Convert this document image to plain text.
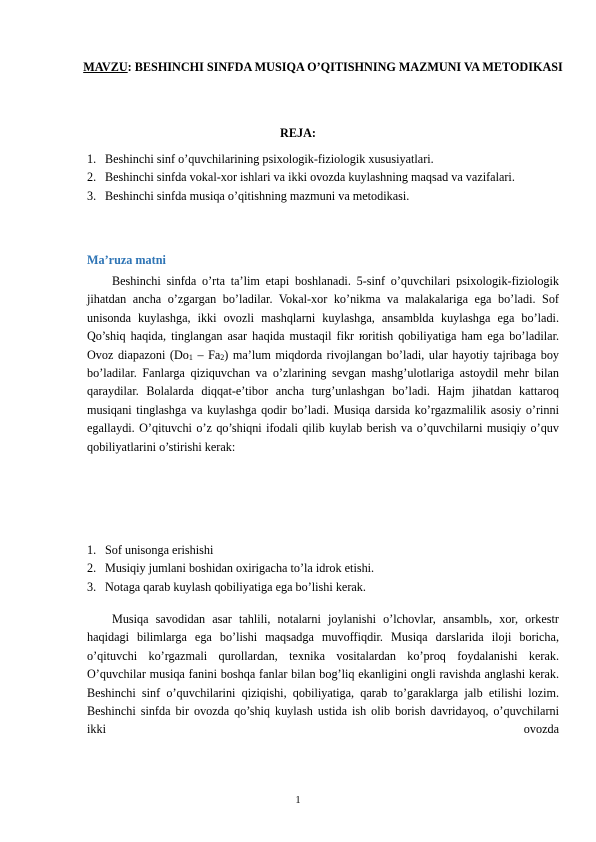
MAVZU: BESHINCHI SINFDA MUSIQA O’QITISHNING MAZMUNI VA METODIKASI
REJA:
1. Beshinchi sinf o’quvchilarining psixologik-fiziologik xususiyatlari.
2. Beshinchi sinfda vokal-xor ishlari va ikki ovozda kuylashning maqsad va vazifalari.
3. Beshinchi sinfda musiqa o’qitishning mazmuni va metodikasi.
Ma’ruza matni
Beshinchi sinfda o’rta ta’lim etapi boshlanadi. 5-sinf o’quvchilari psixologik-fiziologik jihatdan ancha o’zgargan bo’ladilar. Vokal-xor ko’nikma va malakalariga ega bo’ladi. Sof unisonda kuylashga, ikki ovozli mashqlarni kuylashga, ansamblda kuylashga ega bo’ladi. Qo’shiq haqida, tinglangan asar haqida mustaqil fikr юritish qobiliyatiga ham ega bo’ladilar. Ovoz diapazoni $(Do_1 - Fa_2)$ ma’lum miqdorda rivojlangan bo’ladi, ular hayotiy tajribaga boy bo’ladilar. Fanlarga qiziquvchan va o’zlarining sevgan mashg’ulotlariga astoydil mehr bilan qaraydilar. Bolalarda diqqat-e’tibor ancha turg’unlashgan bo’ladi. Hajm jihatdan kattaroq musiqani tinglashga va kuylashga qodir bo’ladi. Musiqa darsida ko’rgazmalilik asosiy o’rinni egallaydi. O’qituvchi o’z qo’shiqni ifodali qilib kuylab berish va o’quvchilarni musiqiy o’quv qobiliyatlarini o’stirishi kerak:
1. Sof unisonga erishishi
2. Musiqiy jumlani boshidan oxirigacha to’la idrok etishi.
3. Notaga qarab kuylash qobiliyatiga ega bo’lishi kerak.
Musiqa savodidan asar tahlili, notalarni joylanishi o’lchovlar, ansamblь, xor, orkestr haqidagi bilimlarga ega bo’lishi maqsadga muvoffiqdir. Musiqa darslarida iloji boricha, o’qituvchi ko’rgazmali qurollardan, texnika vositalardan ko’proq foydalanishi kerak. O’quvchilar musiqa fanini boshqa fanlar bilan bog’liq ekanligini ongli ravishda anglashi kerak. Beshinchi sinf o’quvchilarini qiziqishi, qobiliyatiga, qarab to’garaklarga jalb etilishi lozim. Beshinchi sinfda bir ovozda qo’shiq kuylash ustida ish olib borish davridayoq, o’quvchilarni ikki ovozda
1
